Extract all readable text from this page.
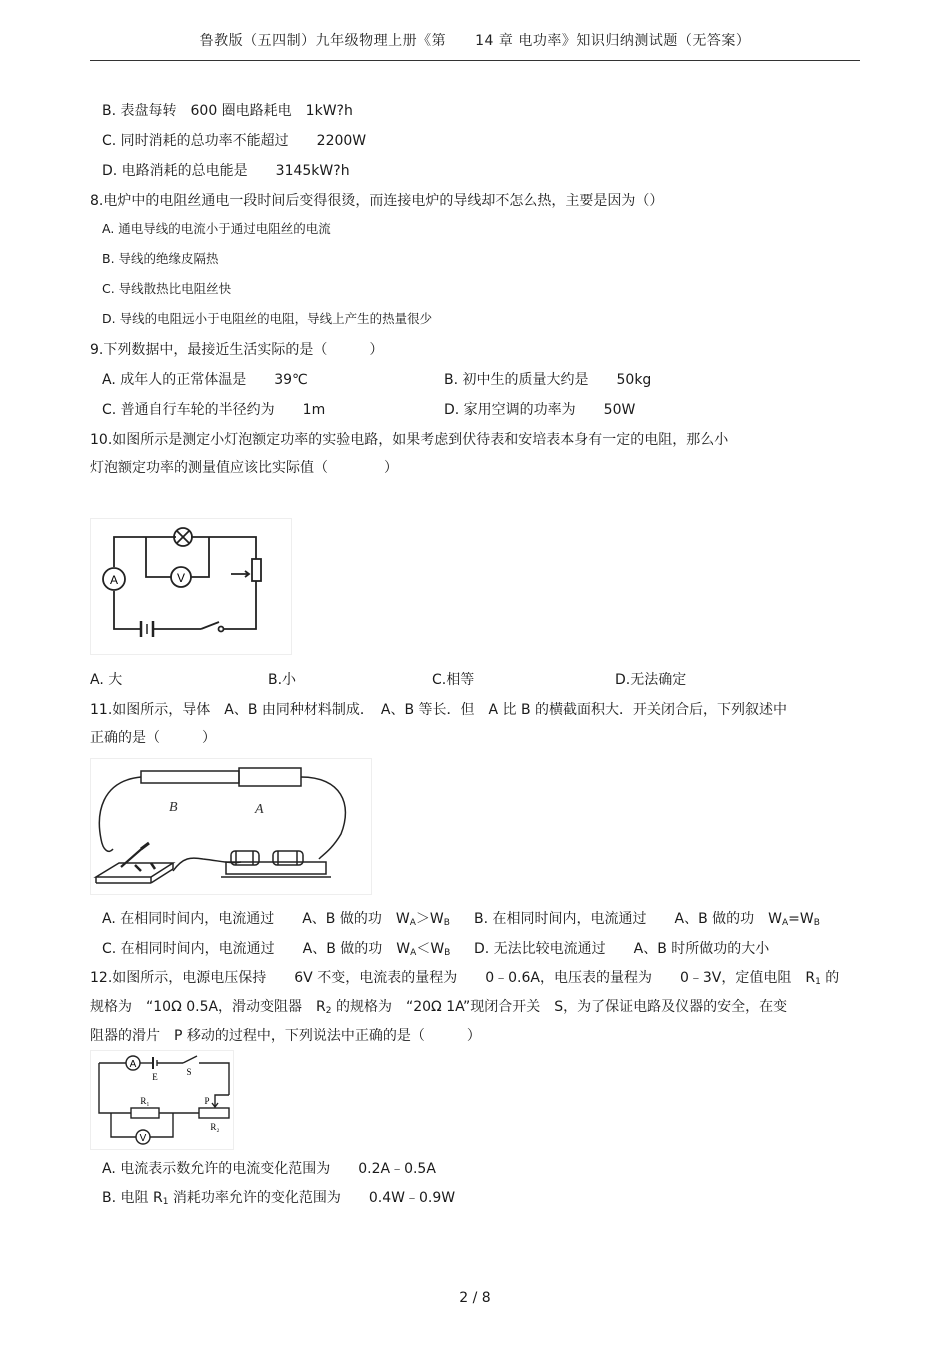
鲁教版（五四制）九年级物理上册《第　　14 章 电功率》知识归纳测试题（无答案）
B. 表盘每转　600 圈电路耗电　1kW?h
C. 同时消耗的总功率不能超过　　2200W
D. 电路消耗的总电能是　　3145kW?h
8.电炉中的电阻丝通电一段时间后变得很烫，而连接电炉的导线却不怎么热，主要是因为（）
A. 通电导线的电流小于通过电阻丝的电流
B. 导线的绝缘皮隔热
C. 导线散热比电阻丝快
D. 导线的电阻远小于电阻丝的电阻，导线上产生的热量很少
9.下列数据中，最接近生活实际的是（　　　）
A. 成年人的正常体温是　　39℃	B. 初中生的质量大约是　　50kg
C. 普通自行车轮的半径约为　　1m	D. 家用空调的功率为　　50W
10.如图所示是测定小灯泡额定功率的实验电路，如果考虑到伏待表和安培表本身有一定的电阻，那么小
灯泡额定功率的测量值应该比实际值（　　　　）
A	V
A. 大	B.小	C.相等	D.无法确定
11.如图所示，导体　A、B 由同种材料制成．　A、B 等长．但　A 比 B 的横截面积大．开关闭合后，下列叙述中
正确的是（　　　）
B	A
A. 在相同时间内，电流通过　　A、B 做的功　$W_A>W_B$ B. 在相同时间内，电流通过　　A、B 做的功　$W_A=W_B$
C. 在相同时间内，电流通过　　A、B 做的功　$W_A<W_B$ D. 无法比较电流通过　　A、B 时所做功的大小
12.如图所示，电源电压保持　　6V 不变，电流表的量程为　　0﹣0.6A，电压表的量程为　　0﹣3V，定值电阻　$R_1$ 的
规格为　“10Ω 0.5A，滑动变阻器　$R_2$ 的规格为　“20Ω 1A”现闭合开关　S，为了保证电路及仪器的安全，在变
阻器的滑片　P 移动的过程中，下列说法中正确的是（　　　）
A
V
E	S
R₁	P
R₂
A. 电流表示数允许的电流变化范围为　　0.2A﹣0.5A
B. 电阻 $R_1$ 消耗功率允许的变化范围为　　0.4W﹣0.9W
2 / 8
